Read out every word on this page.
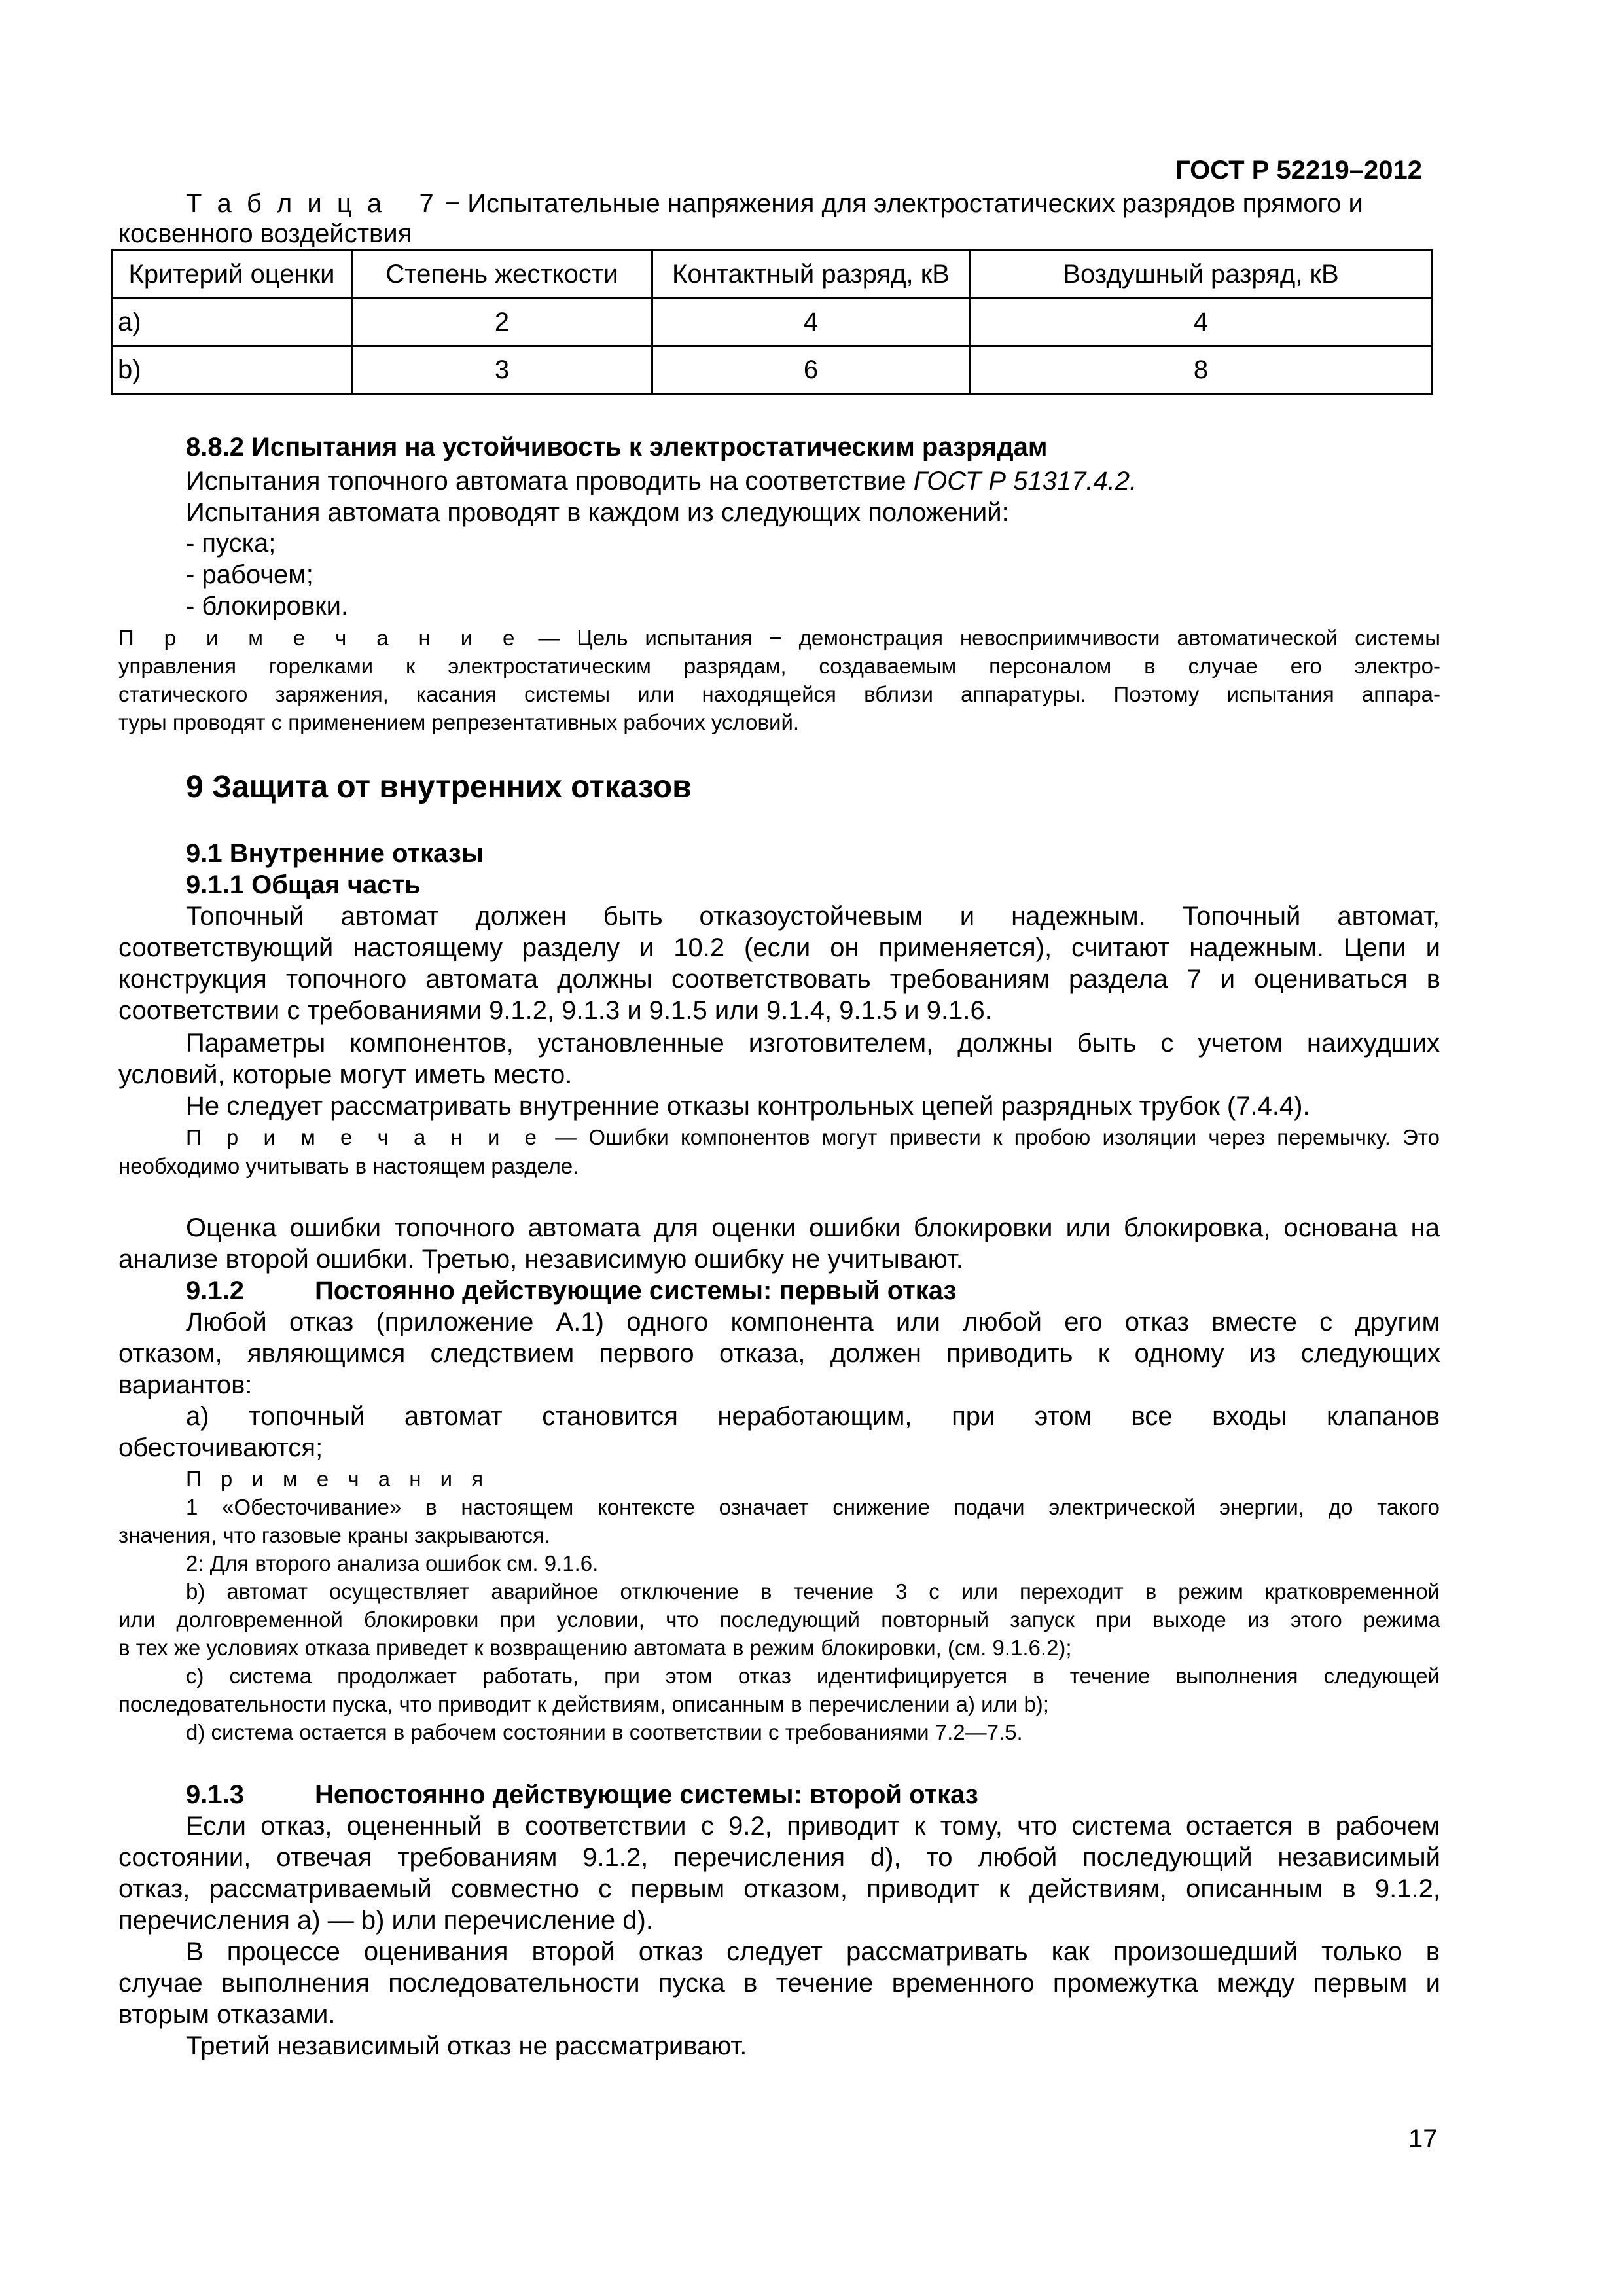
ГОСТ Р 52219–2012
Т а б л и ц а   7 − Испытательные напряжения для электростатических разрядов прямого и
косвенного воздействия
Критерий оценки	Степень жесткости	Контактный разряд, кВ	Воздушный разряд, кВ
а)	2	4	4
b)	3	6	8
8.8.2 Испытания на устойчивость к электростатическим разрядам
Испытания топочного автомата проводить на соответствие ГОСТ Р 51317.4.2.
Испытания автомата проводят в каждом из следующих положений:
- пуска;
- рабочем;
- блокировки.
П р и м е ч а н и е — Цель испытания − демонстрация невосприимчивости автоматической системы
управления горелками к электростатическим разрядам, создаваемым персоналом в случае его электро-
статического заряжения, касания системы или находящейся вблизи аппаратуры. Поэтому испытания аппара-
туры проводят с применением репрезентативных рабочих условий.
9 Защита от внутренних отказов
9.1 Внутренние отказы
9.1.1 Общая часть
Топочный автомат должен быть отказоустойчевым и надежным. Топочный автомат,
соответствующий настоящему разделу и 10.2 (если он применяется), считают надежным. Цепи и
конструкция топочного автомата должны соответствовать требованиям раздела 7 и оцениваться в
соответствии с требованиями 9.1.2, 9.1.3 и 9.1.5 или 9.1.4, 9.1.5 и 9.1.6.
Параметры компонентов, установленные изготовителем, должны быть с учетом наихудших
условий, которые могут иметь место.
Не следует рассматривать внутренние отказы контрольных цепей разрядных трубок (7.4.4).
П р и м е ч а н и е — Ошибки компонентов могут привести к пробою изоляции через перемычку. Это
необходимо учитывать в настоящем разделе.
Оценка ошибки топочного автомата для оценки ошибки блокировки или блокировка, основана на
анализе второй ошибки. Третью, независимую ошибку не учитывают.
9.1.2	Постоянно действующие системы: первый отказ
Любой отказ (приложение А.1) одного компонента или любой его отказ вместе с другим
отказом, являющимся следствием первого отказа, должен приводить к одному из следующих
вариантов:
а) топочный автомат становится неработающим, при этом все входы клапанов
обесточиваются;
П р и м е ч а н и я
1 «Обесточивание» в настоящем контексте означает снижение подачи электрической энергии, до такого
значения, что газовые краны закрываются.
2: Для второго анализа ошибок см. 9.1.6.
b) автомат осуществляет аварийное отключение в течение 3 с или переходит в режим кратковременной
или долговременной блокировки при условии, что последующий повторный запуск при выходе из этого режима
в тех же условиях отказа приведет к возвращению автомата в режим блокировки, (см. 9.1.6.2);
с) система продолжает работать, при этом отказ идентифицируется в течение выполнения следующей
последовательности пуска, что приводит к действиям, описанным в перечислении а) или b);
d) система остается в рабочем состоянии в соответствии с требованиями 7.2—7.5.
9.1.3	Непостоянно действующие системы: второй отказ
Если отказ, оцененный в соответствии с 9.2, приводит к тому, что система остается в рабочем
состоянии, отвечая требованиям 9.1.2, перечисления d), то любой последующий независимый
отказ, рассматриваемый совместно с первым отказом, приводит к действиям, описанным в 9.1.2,
перечисления а) — b) или перечисление d).
В процессе оценивания второй отказ следует рассматривать как произошедший только в
случае выполнения последовательности пуска в течение временного промежутка между первым и
вторым отказами.
Третий независимый отказ не рассматривают.
17
